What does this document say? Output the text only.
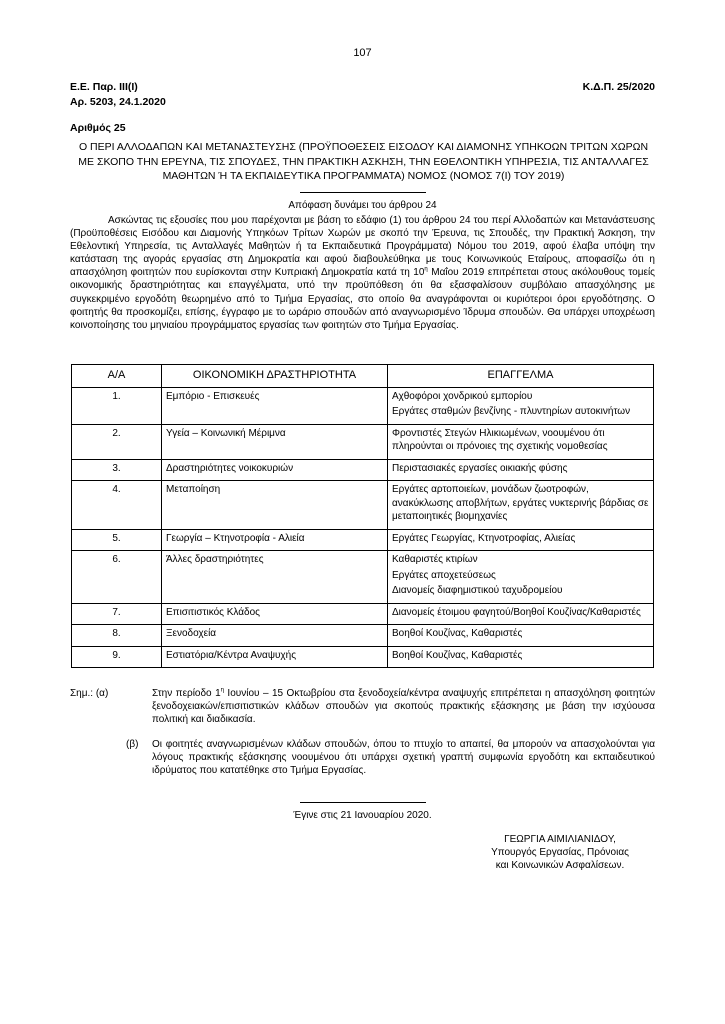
107
Ε.Ε. Παρ. ΙΙΙ(Ι)
Αρ. 5203, 24.1.2020
Αριθμός 25
Κ.Δ.Π. 25/2020
Ο ΠΕΡΙ ΑΛΛΟΔΑΠΩΝ ΚΑΙ ΜΕΤΑΝΑΣΤΕΥΣΗΣ (ΠΡΟΫΠΟΘΕΣΕΙΣ ΕΙΣΟΔΟΥ ΚΑΙ ΔΙΑΜΟΝΗΣ ΥΠΗΚΟΩΝ ΤΡΙΤΩΝ ΧΩΡΩΝ ΜΕ ΣΚΟΠΟ ΤΗΝ ΕΡΕΥΝΑ, ΤΙΣ ΣΠΟΥΔΕΣ, ΤΗΝ ΠΡΑΚΤΙΚΗ ΑΣΚΗΣΗ, ΤΗΝ ΕΘΕΛΟΝΤΙΚΗ ΥΠΗΡΕΣΙΑ, ΤΙΣ ΑΝΤΑΛΛΑΓΕΣ ΜΑΘΗΤΩΝ Ή ΤΑ ΕΚΠΑΙΔΕΥΤΙΚΑ ΠΡΟΓΡΑΜΜΑΤΑ) ΝΟΜΟΣ (ΝΟΜΟΣ 7(Ι) ΤΟΥ 2019)
Απόφαση δυνάμει του άρθρου 24
Ασκώντας τις εξουσίες που μου παρέχονται με βάση το εδάφιο (1) του άρθρου 24 του περί Αλλοδαπών και Μετανάστευσης (Προϋποθέσεις Εισόδου και Διαμονής Υπηκόων Τρίτων Χωρών με σκοπό την Έρευνα, τις Σπουδές, την Πρακτική Άσκηση, την Εθελοντική Υπηρεσία, τις Ανταλλαγές Μαθητών ή τα Εκπαιδευτικά Προγράμματα) Νόμου του 2019, αφού έλαβα υπόψη την κατάσταση της αγοράς εργασίας στη Δημοκρατία και αφού διαβουλεύθηκα με τους Κοινωνικούς Εταίρους, αποφασίζω ότι η απασχόληση φοιτητών που ευρίσκονται στην Κυπριακή Δημοκρατία κατά τη $10^\eta$ Μαΐου 2019 επιτρέπεται στους ακόλουθους τομείς οικονομικής δραστηριότητας και επαγγέλματα, υπό την προϋπόθεση ότι θα εξασφαλίσουν συμβόλαιο απασχόλησης με συγκεκριμένο εργοδότη θεωρημένο από το Τμήμα Εργασίας, στο οποίο θα αναγράφονται οι κυριότεροι όροι εργοδότησης. Ο φοιτητής θα προσκομίζει, επίσης, έγγραφο με το ωράριο σπουδών από αναγνωρισμένο Ίδρυμα σπουδών. Θα υπάρχει υποχρέωση κοινοποίησης του μηνιαίου προγράμματος εργασίας των φοιτητών στο Τμήμα Εργασίας.
Α/Α	ΟΙΚΟΝΟΜΙΚΗ ΔΡΑΣΤΗΡΙΟΤΗΤΑ	ΕΠΑΓΓΕΛΜΑ
1.	Εμπόριο - Επισκευές	Αχθοφόροι χονδρικού εμπορίου
Εργάτες σταθμών βενζίνης - πλυντηρίων αυτοκινήτων

2.	Υγεία – Κοινωνική Μέριμνα	Φροντιστές Στεγών Ηλικιωμένων, νοουμένου ότι πληρούνται οι πρόνοιες της σχετικής νομοθεσίας

3.	Δραστηριότητες νοικοκυριών	Περιστασιακές εργασίες οικιακής φύσης

4.	Μεταποίηση	Εργάτες αρτοποιείων, μονάδων ζωοτροφών, ανακύκλωσης αποβλήτων, εργάτες νυκτερινής βάρδιας σε μεταποιητικές βιομηχανίες

5.	Γεωργία – Κτηνοτροφία - Αλιεία	Εργάτες Γεωργίας, Κτηνοτροφίας, Αλιείας

6.	Άλλες δραστηριότητες	Καθαριστές κτιρίων
Εργάτες αποχετεύσεως
Διανομείς διαφημιστικού ταχυδρομείου

7.	Επισιτιστικός Κλάδος	Διανομείς έτοιμου φαγητού/Βοηθοί Κουζίνας/Καθαριστές

8.	Ξενοδοχεία	Βοηθοί Κουζίνας, Καθαριστές

9.	Εστιατόρια/Κέντρα Αναψυχής	Βοηθοί Κουζίνας, Καθαριστές
Σημ.: (α)	Στην περίοδο $1^\eta$ Ιουνίου – 15 Οκτωβρίου στα ξενοδοχεία/κέντρα αναψυχής επιτρέπεται η απασχόληση φοιτητών ξενοδοχειακών/επισιτιστικών κλάδων σπουδών για σκοπούς πρακτικής εξάσκησης με βάση την ισχύουσα πολιτική και διαδικασία.
(β) Οι φοιτητές αναγνωρισμένων κλάδων σπουδών, όπου το πτυχίο το απαιτεί, θα μπορούν να απασχολούνται για λόγους πρακτικής εξάσκησης νοουμένου ότι υπάρχει σχετική γραπτή συμφωνία εργοδότη και εκπαιδευτικού ιδρύματος που κατατέθηκε στο Τμήμα Εργασίας.
Έγινε στις 21 Ιανουαρίου 2020.
ΓΕΩΡΓΙΑ ΑΙΜΙΛΙΑΝΙΔΟΥ,
Υπουργός Εργασίας, Πρόνοιας
και Κοινωνικών Ασφαλίσεων.
